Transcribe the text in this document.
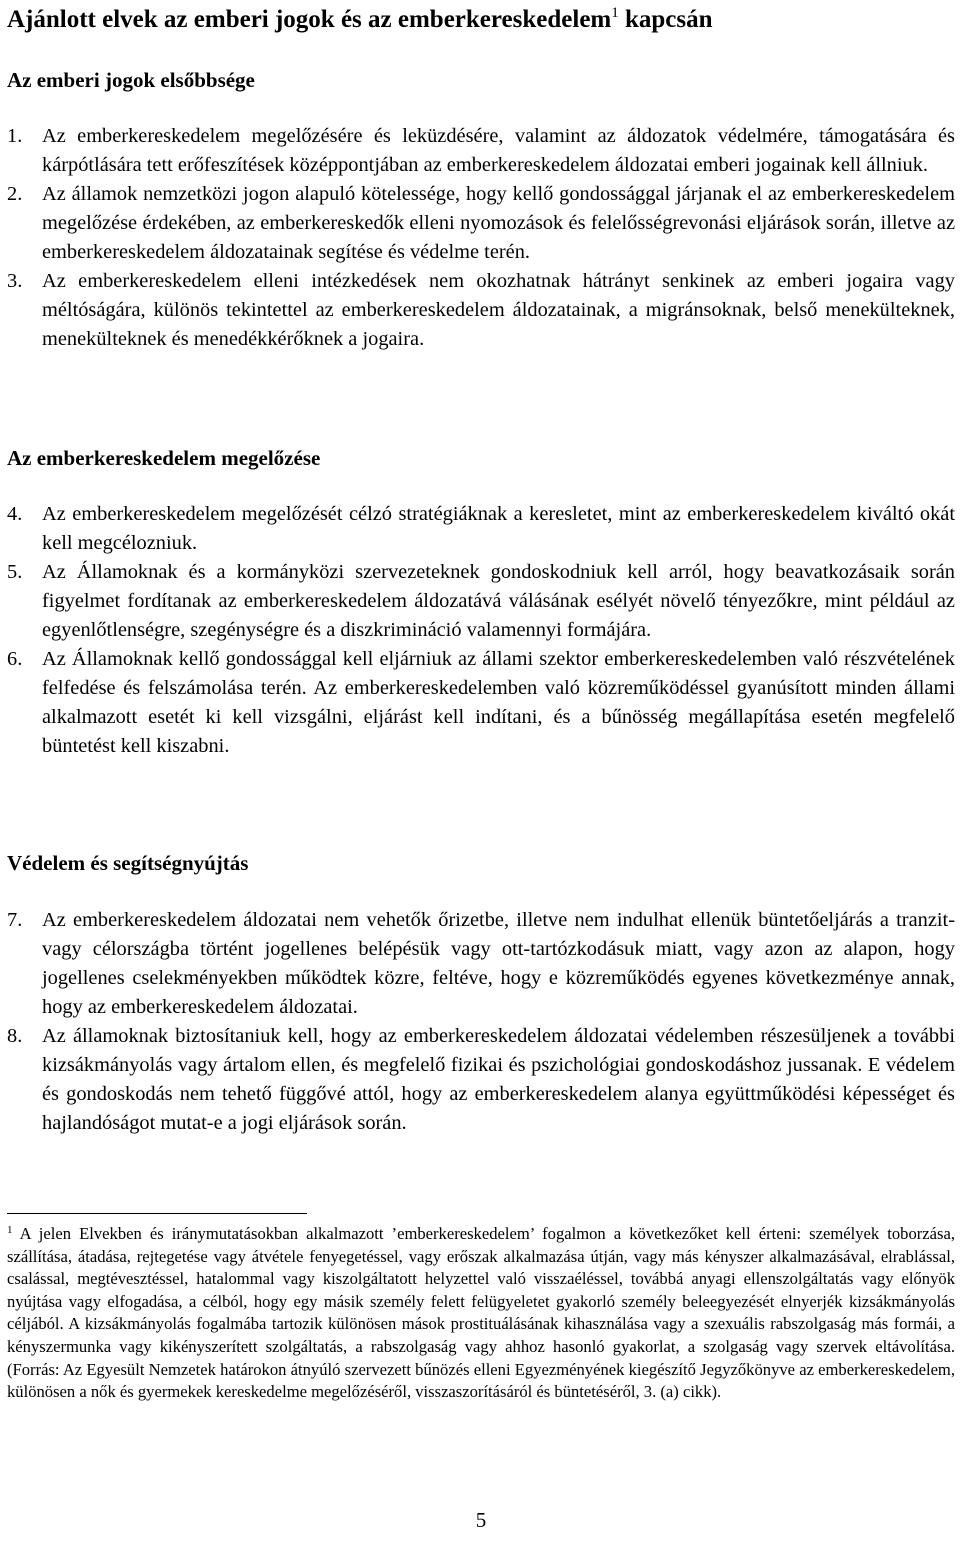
Ajánlott elvek az emberi jogok és az emberkereskedelem$^1$ kapcsán
Az emberi jogok elsőbbsége
1. Az emberkereskedelem megelőzésére és leküzdésére, valamint az áldozatok védelmére, támogatására és kárpótlására tett erőfeszítések középpontjában az emberkereskedelem áldozatai emberi jogainak kell állniuk.
2. Az államok nemzetközi jogon alapuló kötelessége, hogy kellő gondossággal járjanak el az emberkereskedelem megelőzése érdekében, az emberkereskedők elleni nyomozások és felelősségrevonási eljárások során, illetve az emberkereskedelem áldozatainak segítése és védelme terén.
3. Az emberkereskedelem elleni intézkedések nem okozhatnak hátrányt senkinek az emberi jogaira vagy méltóságára, különös tekintettel az emberkereskedelem áldozatainak, a migránsoknak, belső menekülteknek, menekülteknek és menedékkérőknek a jogaira.
Az emberkereskedelem megelőzése
4. Az emberkereskedelem megelőzését célzó stratégiáknak a keresletet, mint az emberkereskedelem kiváltó okát kell megcélozniuk.
5. Az Államoknak és a kormányközi szervezeteknek gondoskodniuk kell arról, hogy beavatkozásaik során figyelmet fordítanak az emberkereskedelem áldozatává válásának esélyét növelő tényezőkre, mint például az egyenlőtlenségre, szegénységre és a diszkrimináció valamennyi formájára.
6. Az Államoknak kellő gondossággal kell eljárniuk az állami szektor emberkereskedelemben való részvételének felfedése és felszámolása terén. Az emberkereskedelemben való közreműködéssel gyanúsított minden állami alkalmazott esetét ki kell vizsgálni, eljárást kell indítani, és a bűnösség megállapítása esetén megfelelő büntetést kell kiszabni.
Védelem és segítségnyújtás
7. Az emberkereskedelem áldozatai nem vehetők őrizetbe, illetve nem indulhat ellenük büntetőeljárás a tranzit- vagy célországba történt jogellenes belépésük vagy ott-tartózkodásuk miatt, vagy azon az alapon, hogy jogellenes cselekményekben működtek közre, feltéve, hogy e közreműködés egyenes következménye annak, hogy az emberkereskedelem áldozatai.
8. Az államoknak biztosítaniuk kell, hogy az emberkereskedelem áldozatai védelemben részesüljenek a további kizsákmányolás vagy ártalom ellen, és megfelelő fizikai és pszichológiai gondoskodáshoz jussanak. E védelem és gondoskodás nem tehető függővé attól, hogy az emberkereskedelem alanya együttműködési képességet és hajlandóságot mutat-e a jogi eljárások során.

$^1$ A jelen Elvekben és iránymutatásokban alkalmazott ’emberkereskedelem’ fogalmon a következőket kell érteni: személyek toborzása, szállítása, átadása, rejtegetése vagy átvétele fenyegetéssel, vagy erőszak alkalmazása útján, vagy más kényszer alkalmazásával, elrablással, csalással, megtévesztéssel, hatalommal vagy kiszolgáltatott helyzettel való visszaéléssel, továbbá anyagi ellenszolgáltatás vagy előnyök nyújtása vagy elfogadása, a célból, hogy egy másik személy felett felügyeletet gyakorló személy beleegyezését elnyerjék kizsákmányolás céljából. A kizsákmányolás fogalmába tartozik különösen mások prostituálásának kihasználása vagy a szexuális rabszolgaság más formái, a kényszermunka vagy kikényszerített szolgáltatás, a rabszolgaság vagy ahhoz hasonló gyakorlat, a szolgaság vagy szervek eltávolítása. (Forrás: Az Egyesült Nemzetek határokon átnyúló szervezett bűnözés elleni Egyezményének kiegészítő Jegyzőkönyve az emberkereskedelem, különösen a nők és gyermekek kereskedelme megelőzéséről, visszaszorításáról és büntetéséről, 3. (a) cikk).

5
